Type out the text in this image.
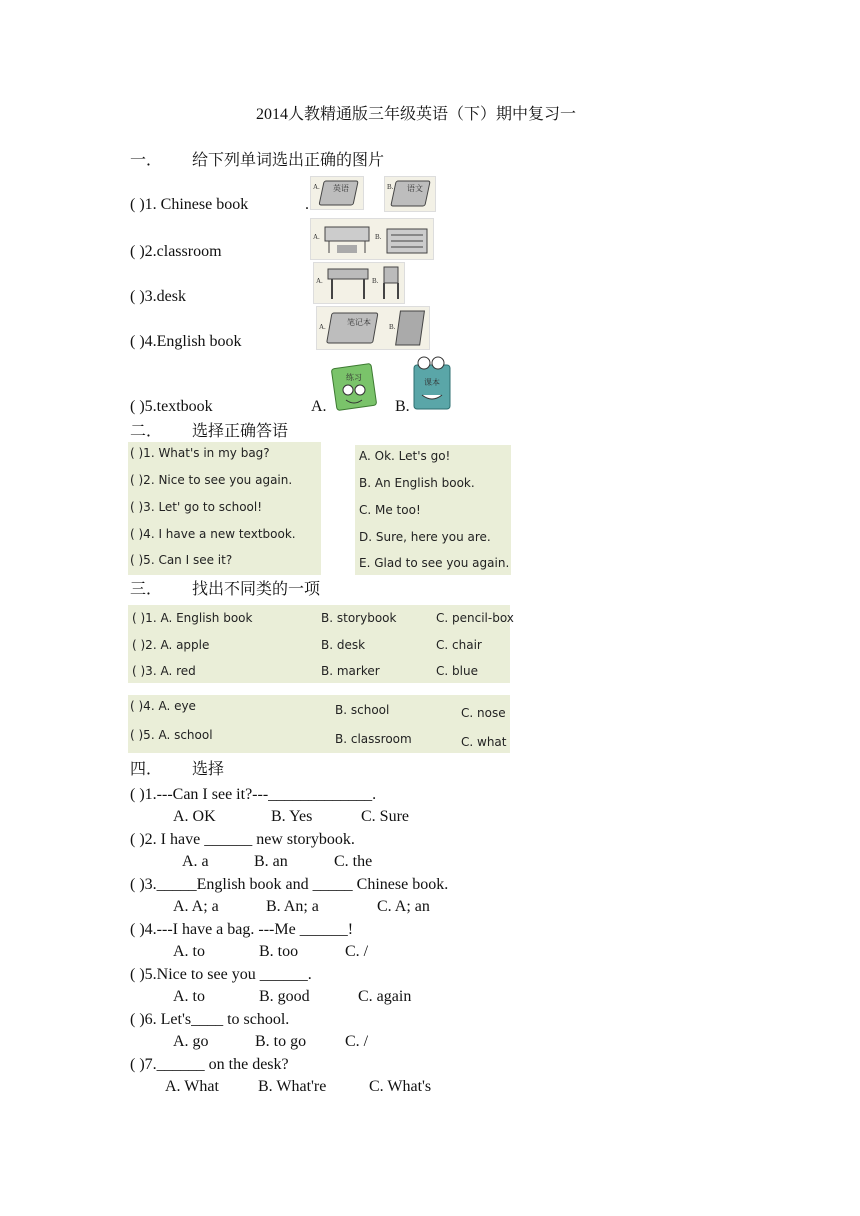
2014人教精通版三年级英语（下）期中复习一
一． 给下列单词选出正确的图片
( )1. Chinese book	.
A. 英语	B. 语文
( )2.classroom
A.	B.
( )3.desk
A.	B.
( )4.English book
A.	B.
笔记本
( )5.textbook	A.	B.
练习
课本
二． 选择正确答语
( )1. What's in my bag?
( )2. Nice to see you again.
( )3. Let' go to school!
( )4. I have a new textbook.
( )5. Can I see it?
A. Ok. Let's go!
B. An English book.
C. Me too!
D. Sure, here you are.
E. Glad to see you again.
三． 找出不同类的一项
( )1. A. English book	B. storybook	C. pencil-box
( )2. A. apple	B. desk	C. chair
( )3. A. red	B. marker	C. blue
( )4. A. eye	B. school	C. nose
( )5. A. school	B. classroom	C. what
四． 选择
( )1.---Can I see it?---_____________.
A. OK	B. Yes	C. Sure
( )2. I have ______ new storybook.
A. a	B. an	C. the
( )3._____English book and _____ Chinese book.
A. A; a	B. An; a	C. A; an
( )4.---I have a bag. ---Me ______!
A. to	B. too	C. /
( )5.Nice to see you ______.
A. to	B. good	C. again
( )6. Let's____ to school.
A. go	B. to go C. /
( )7.______ on the desk?
A. What B. What're	C. What's
